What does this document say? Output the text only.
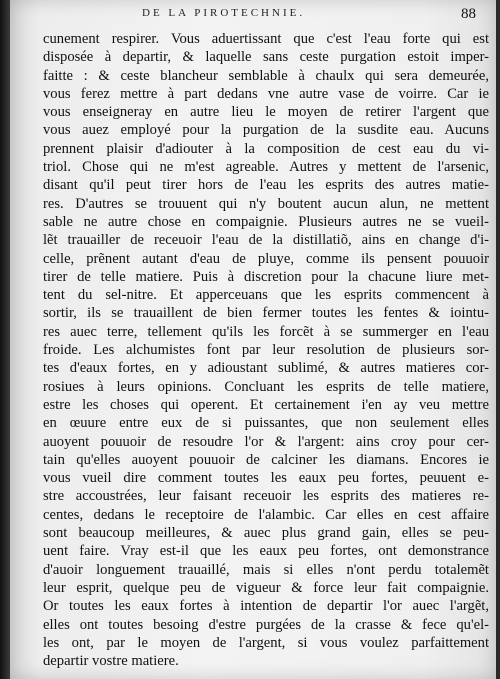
DE LA PIROTECHNIE.	88
cunement respirer. Vous aduertissant que c'est l'eau forte qui est
disposée à departir, & laquelle sans ceste purgation estoit imper-
faitte : & ceste blancheur semblable à chaulx qui sera demeurée,
vous ferez mettre à part dedans vne autre vase de voirre. Car ie
vous enseigneray en autre lieu le moyen de retirer l'argent que
vous auez employé pour la purgation de la susdite eau. Aucuns
prennent plaisir d'adiouter à la composition de cest eau du vi-
triol. Chose qui ne m'est agreable. Autres y mettent de l'arsenic,
disant qu'il peut tirer hors de l'eau les esprits des autres matie-
res. D'autres se trouuent qui n'y boutent aucun alun, ne mettent
sable ne autre chose en compaignie. Plusieurs autres ne se vueil-
lẽt trauailler de receuoir l'eau de la distillatiõ, ains en change d'i-
celle, prẽnent autant d'eau de pluye, comme ils pensent pouuoir
tirer de telle matiere. Puis à discretion pour la chacune liure met-
tent du sel-nitre. Et apperceuans que les esprits commencent à
sortir, ils se trauaillent de bien fermer toutes les fentes & iointu-
res auec terre, tellement qu'ils les forcẽt à se summerger en l'eau
froide. Les alchumistes font par leur resolution de plusieurs sor-
tes d'eaux fortes, en y adioustant sublimé, & autres matieres cor-
rosiues à leurs opinions. Concluant les esprits de telle matiere,
estre les choses qui operent. Et certainement i'en ay veu mettre
en œuure entre eux de si puissantes, que non seulement elles
auoyent pouuoir de resoudre l'or & l'argent: ains croy pour cer-
tain qu'elles auoyent pouuoir de calciner les diamans. Encores ie
vous vueil dire comment toutes les eaux peu fortes, peuuent e-
stre accoustrées, leur faisant receuoir les esprits des matieres re-
centes, dedans le receptoire de l'alambic. Car elles en cest affaire
sont beaucoup meilleures, & auec plus grand gain, elles se peu-
uent faire. Vray est-il que les eaux peu fortes, ont demonstrance
d'auoir longuement trauaillé, mais si elles n'ont perdu totalemẽt
leur esprit, quelque peu de vigueur & force leur fait compaignie.
Or toutes les eaux fortes à intention de departir l'or auec l'argẽt,
elles ont toutes besoing d'estre purgées de la crasse & fece qu'el-
les ont, par le moyen de l'argent, si vous voulez parfaittement
departir vostre matiere.
